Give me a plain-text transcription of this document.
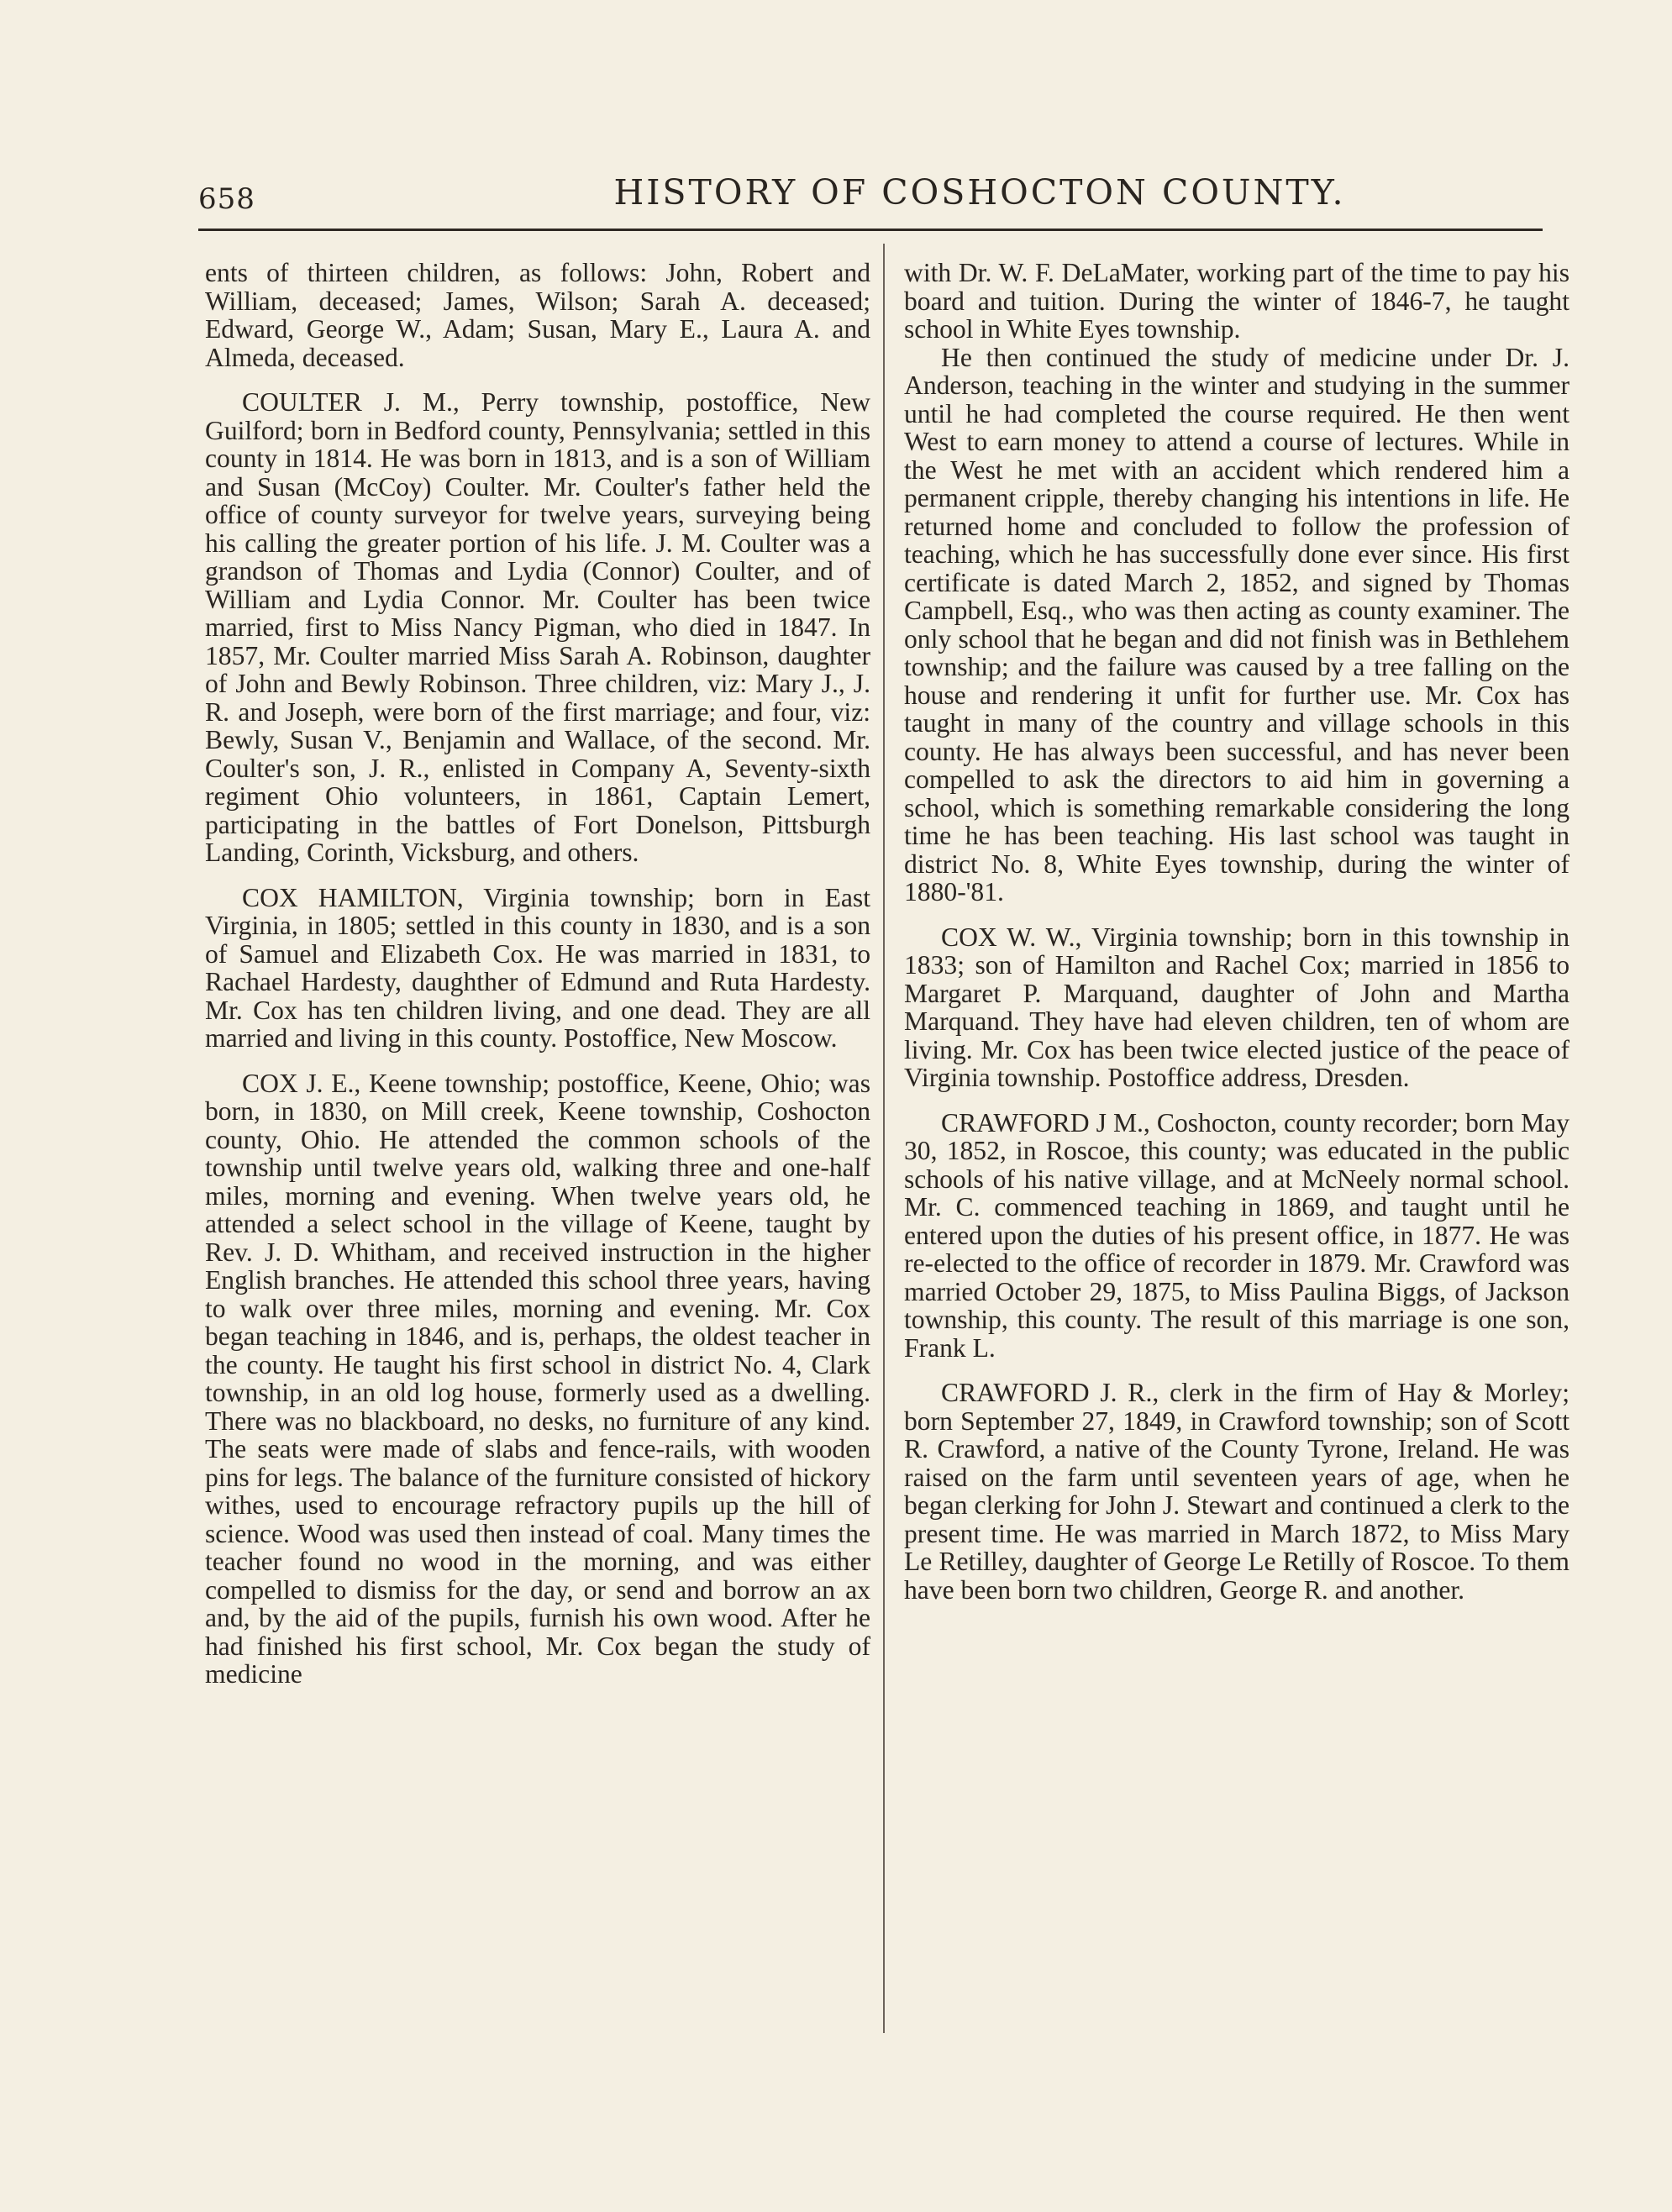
658	HISTORY OF COSHOCTON COUNTY.

ents of thirteen children, as follows: John, Robert and William, deceased; James, Wilson; Sarah A. deceased; Edward, George W., Adam; Susan, Mary E., Laura A. and Almeda, deceased.

COULTER J. M., Perry township, postoffice, New Guilford; born in Bedford county, Pennsylvania; settled in this county in 1814. He was born in 1813, and is a son of William and Susan (McCoy) Coulter. Mr. Coulter's father held the office of county surveyor for twelve years, surveying being his calling the greater portion of his life. J. M. Coulter was a grandson of Thomas and Lydia (Connor) Coulter, and of William and Lydia Connor. Mr. Coulter has been twice married, first to Miss Nancy Pigman, who died in 1847. In 1857, Mr. Coulter married Miss Sarah A. Robinson, daughter of John and Bewly Robinson. Three children, viz: Mary J., J. R. and Joseph, were born of the first marriage; and four, viz: Bewly, Susan V., Benjamin and Wallace, of the second. Mr. Coulter's son, J. R., enlisted in Company A, Seventy-sixth regiment Ohio volunteers, in 1861, Captain Lemert, participating in the battles of Fort Donelson, Pittsburgh Landing, Corinth, Vicksburg, and others.

COX HAMILTON, Virginia township; born in East Virginia, in 1805; settled in this county in 1830, and is a son of Samuel and Elizabeth Cox. He was married in 1831, to Rachael Hardesty, daughther of Edmund and Ruta Hardesty. Mr. Cox has ten children living, and one dead. They are all married and living in this county. Postoffice, New Moscow.

COX J. E., Keene township; postoffice, Keene, Ohio; was born, in 1830, on Mill creek, Keene township, Coshocton county, Ohio. He attended the common schools of the township until twelve years old, walking three and one-half miles, morning and evening. When twelve years old, he attended a select school in the village of Keene, taught by Rev. J. D. Whitham, and received instruction in the higher English branches. He attended this school three years, having to walk over three miles, morning and evening. Mr. Cox began teaching in 1846, and is, perhaps, the oldest teacher in the county. He taught his first school in district No. 4, Clark township, in an old log house, formerly used as a dwelling. There was no blackboard, no desks, no furniture of any kind. The seats were made of slabs and fence-rails, with wooden pins for legs. The balance of the furniture consisted of hickory withes, used to encourage refractory pupils up the hill of science. Wood was used then instead of coal. Many times the teacher found no wood in the morning, and was either compelled to dismiss for the day, or send and borrow an ax and, by the aid of the pupils, furnish his own wood. After he had finished his first school, Mr. Cox began the study of medicine

with Dr. W. F. DeLaMater, working part of the time to pay his board and tuition. During the winter of 1846-7, he taught school in White Eyes township.

He then continued the study of medicine under Dr. J. Anderson, teaching in the winter and studying in the summer until he had completed the course required. He then went West to earn money to attend a course of lectures. While in the West he met with an accident which rendered him a permanent cripple, thereby changing his intentions in life. He returned home and concluded to follow the profession of teaching, which he has successfully done ever since. His first certificate is dated March 2, 1852, and signed by Thomas Campbell, Esq., who was then acting as county examiner. The only school that he began and did not finish was in Bethlehem township; and the failure was caused by a tree falling on the house and rendering it unfit for further use. Mr. Cox has taught in many of the country and village schools in this county. He has always been successful, and has never been compelled to ask the directors to aid him in governing a school, which is something remarkable considering the long time he has been teaching. His last school was taught in district No. 8, White Eyes township, during the winter of 1880-'81.

COX W. W., Virginia township; born in this township in 1833; son of Hamilton and Rachel Cox; married in 1856 to Margaret P. Marquand, daughter of John and Martha Marquand. They have had eleven children, ten of whom are living. Mr. Cox has been twice elected justice of the peace of Virginia township. Postoffice address, Dresden.

CRAWFORD J M., Coshocton, county recorder; born May 30, 1852, in Roscoe, this county; was educated in the public schools of his native village, and at McNeely normal school. Mr. C. commenced teaching in 1869, and taught until he entered upon the duties of his present office, in 1877. He was re-elected to the office of recorder in 1879. Mr. Crawford was married October 29, 1875, to Miss Paulina Biggs, of Jackson township, this county. The result of this marriage is one son, Frank L.

CRAWFORD J. R., clerk in the firm of Hay & Morley; born September 27, 1849, in Crawford township; son of Scott R. Crawford, a native of the County Tyrone, Ireland. He was raised on the farm until seventeen years of age, when he began clerking for John J. Stewart and continued a clerk to the present time. He was married in March 1872, to Miss Mary Le Retilley, daughter of George Le Retilly of Roscoe. To them have been born two children, George R. and another.
